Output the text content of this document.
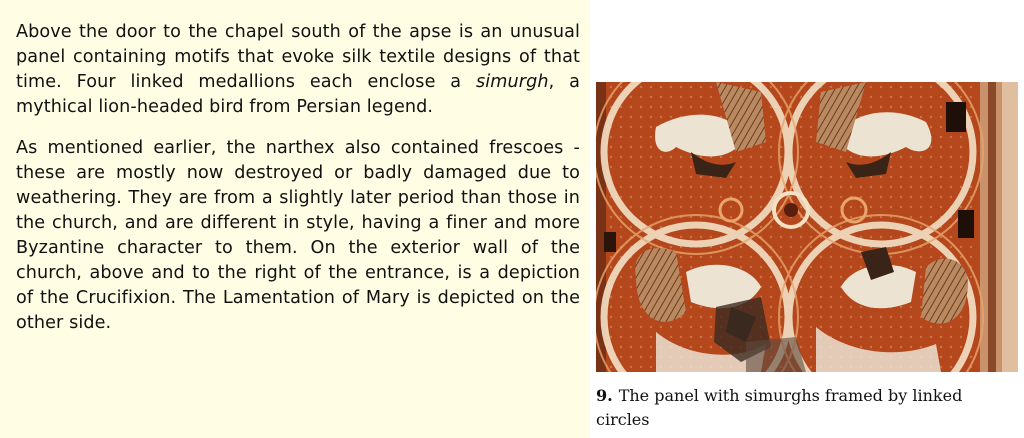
Above the door to the chapel south of the apse is an unusual panel containing motifs that evoke silk textile designs of that time. Four linked medallions each enclose a simurgh, a mythical lion-headed bird from Persian legend.

As mentioned earlier, the narthex also contained frescoes - these are mostly now destroyed or badly damaged due to weathering. They are from a slightly later period than those in the church, and are different in style, having a finer and more Byzantine character to them. On the exterior wall of the church, above and to the right of the entrance, is a depiction of the Crucifixion. The Lamentation of Mary is depicted on the other side.

9. The panel with simurghs framed by linked circles
